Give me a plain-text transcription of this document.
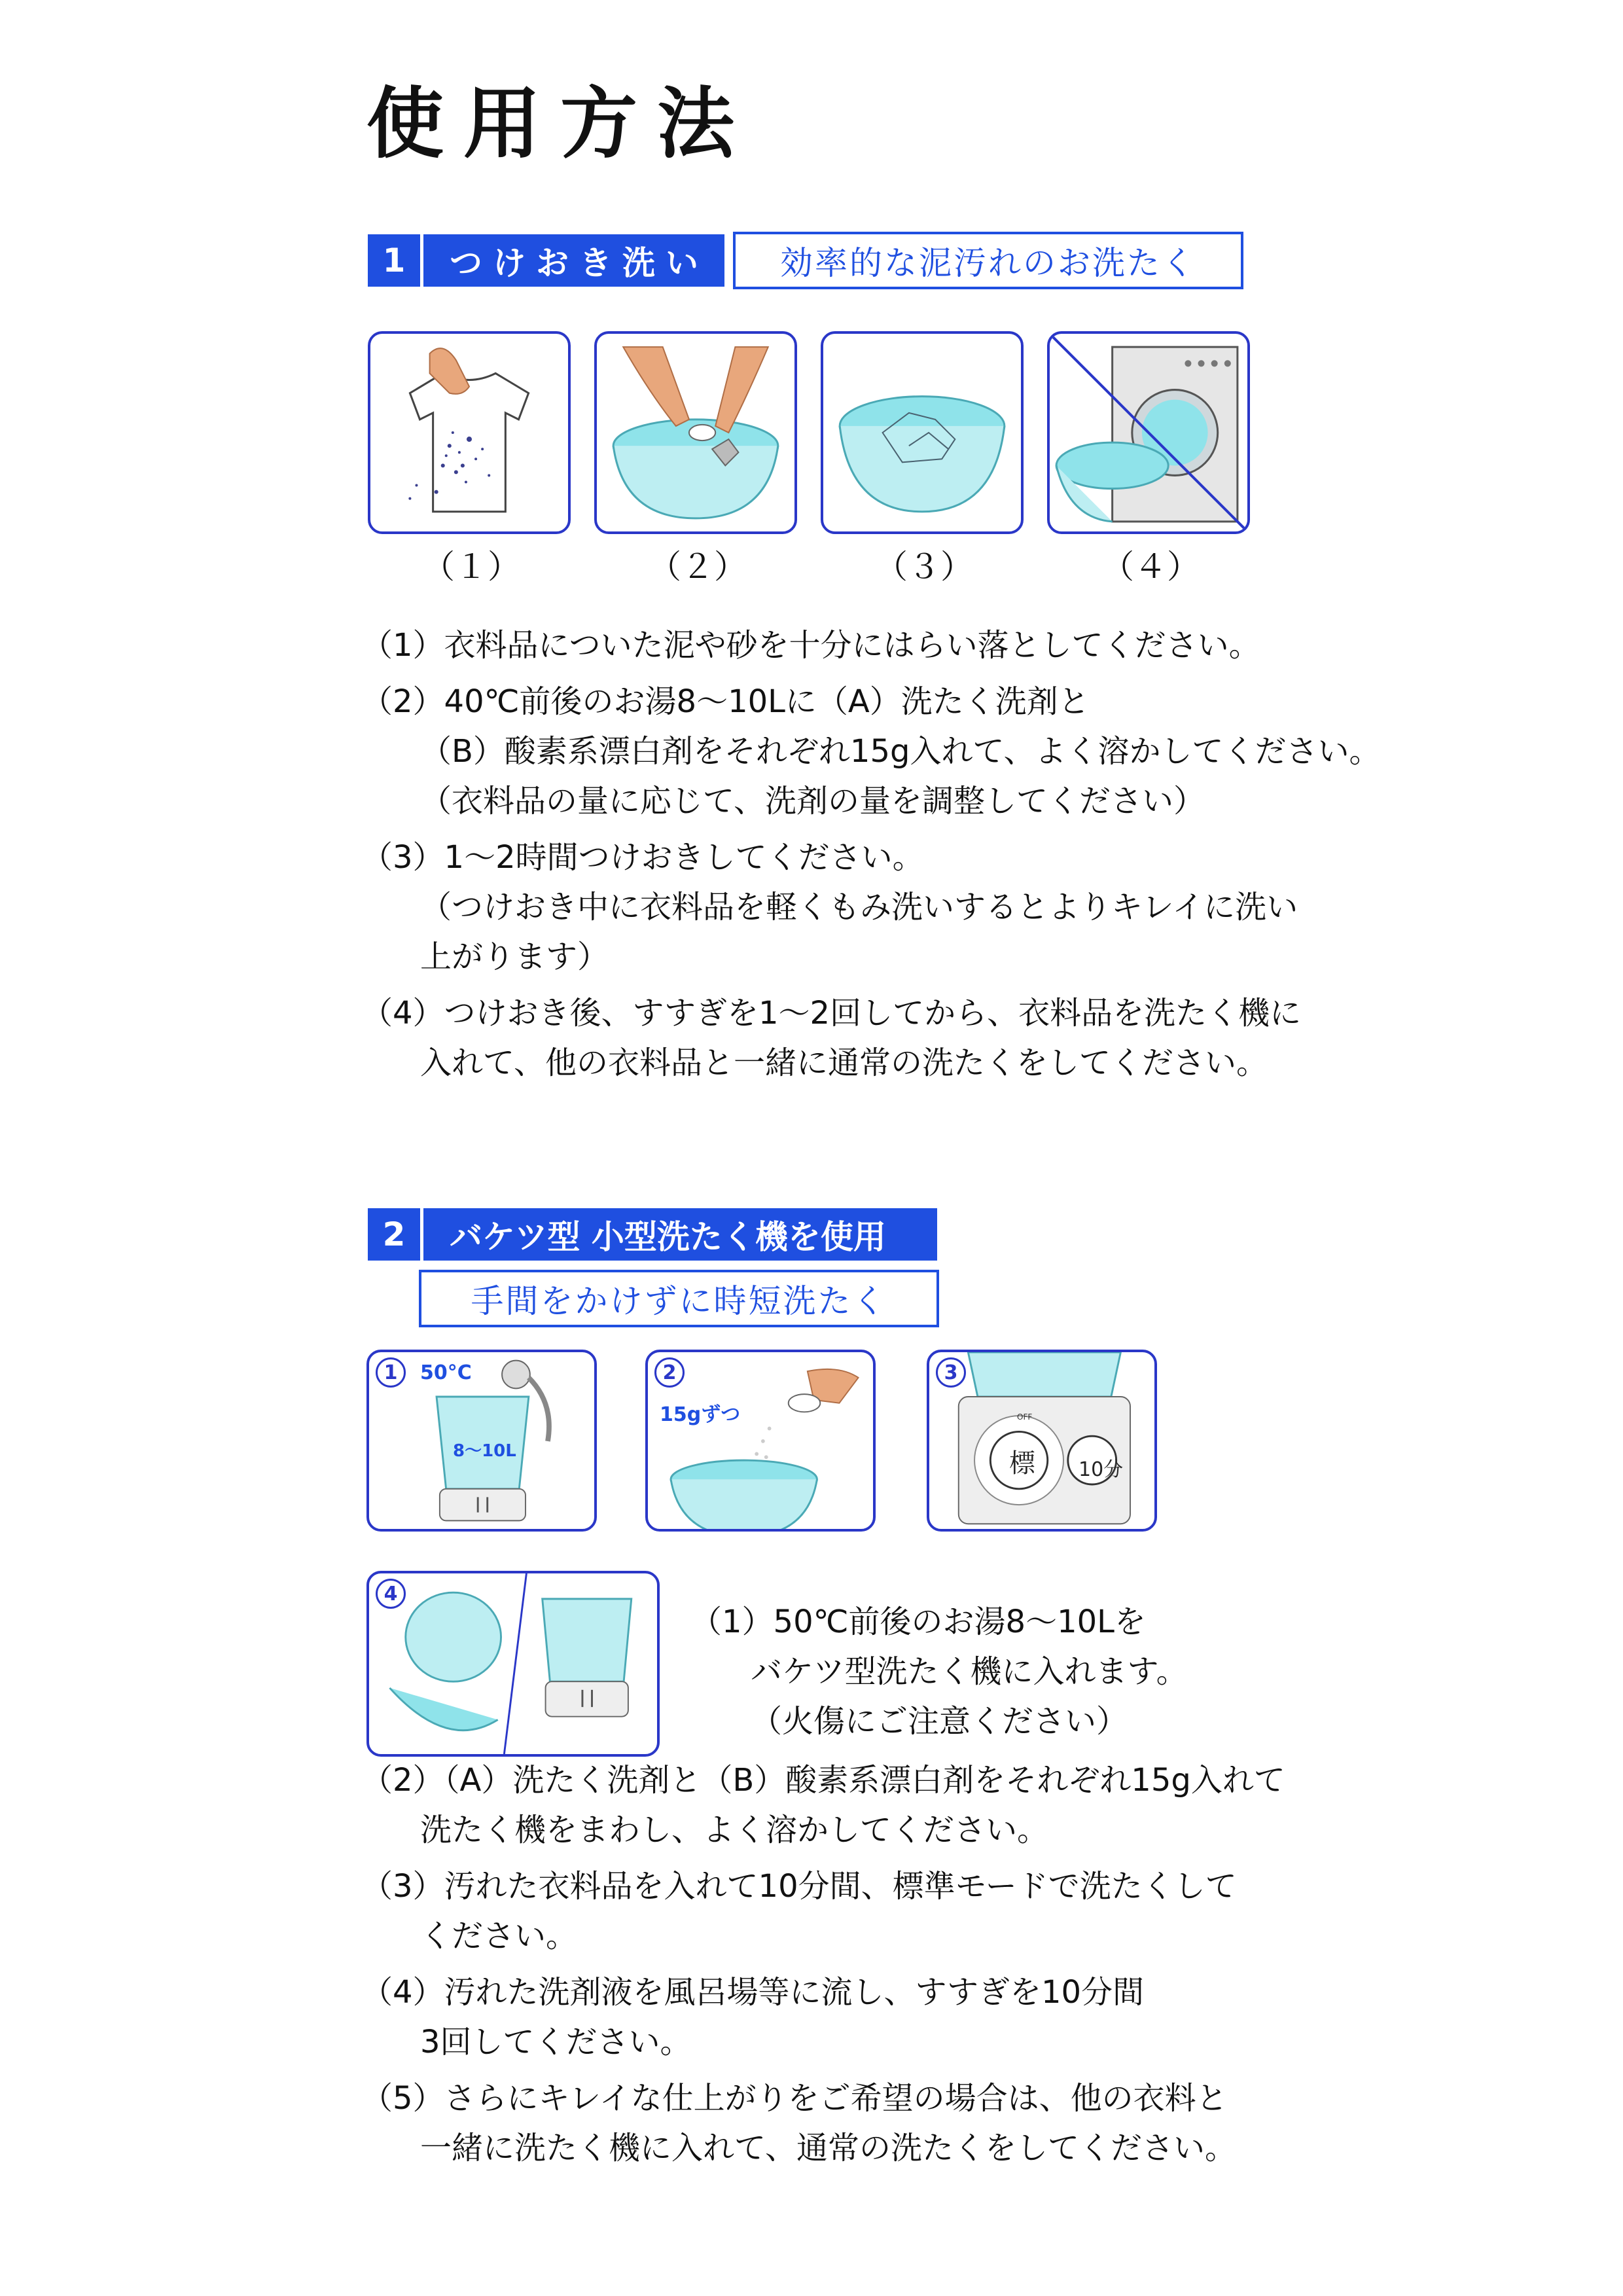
使用方法
1	つけおき洗い	効率的な泥汚れのお洗たく
（１）	（２）	（３）	（４）
（1）衣料品についた泥や砂を十分にはらい落としてください。
（2）40℃前後のお湯8～10Lに（A）洗たく洗剤と
（B）酸素系漂白剤をそれぞれ15g入れて、よく溶かしてください。
（衣料品の量に応じて、洗剤の量を調整してください）
（3）1～2時間つけおきしてください。
（つけおき中に衣料品を軽くもみ洗いするとよりキレイに洗い
上がります）
（4）つけおき後、すすぎを1～2回してから、衣料品を洗たく機に
入れて、他の衣料品と一緒に通常の洗たくをしてください。
2	バケツ型 小型洗たく機を使用
手間をかけずに時短洗たく
1	50°C
8～10L
2
15gずつ
3
OFF
標 10分
4
（1）50℃前後のお湯8～10Lを
バケツ型洗たく機に入れます。
（火傷にご注意ください）
（2）（A）洗たく洗剤と（B）酸素系漂白剤をそれぞれ15g入れて
洗たく機をまわし、よく溶かしてください。
（3）汚れた衣料品を入れて10分間、標準モードで洗たくして
ください。
（4）汚れた洗剤液を風呂場等に流し、すすぎを10分間
3回してください。
（5）さらにキレイな仕上がりをご希望の場合は、他の衣料と
一緒に洗たく機に入れて、通常の洗たくをしてください。
